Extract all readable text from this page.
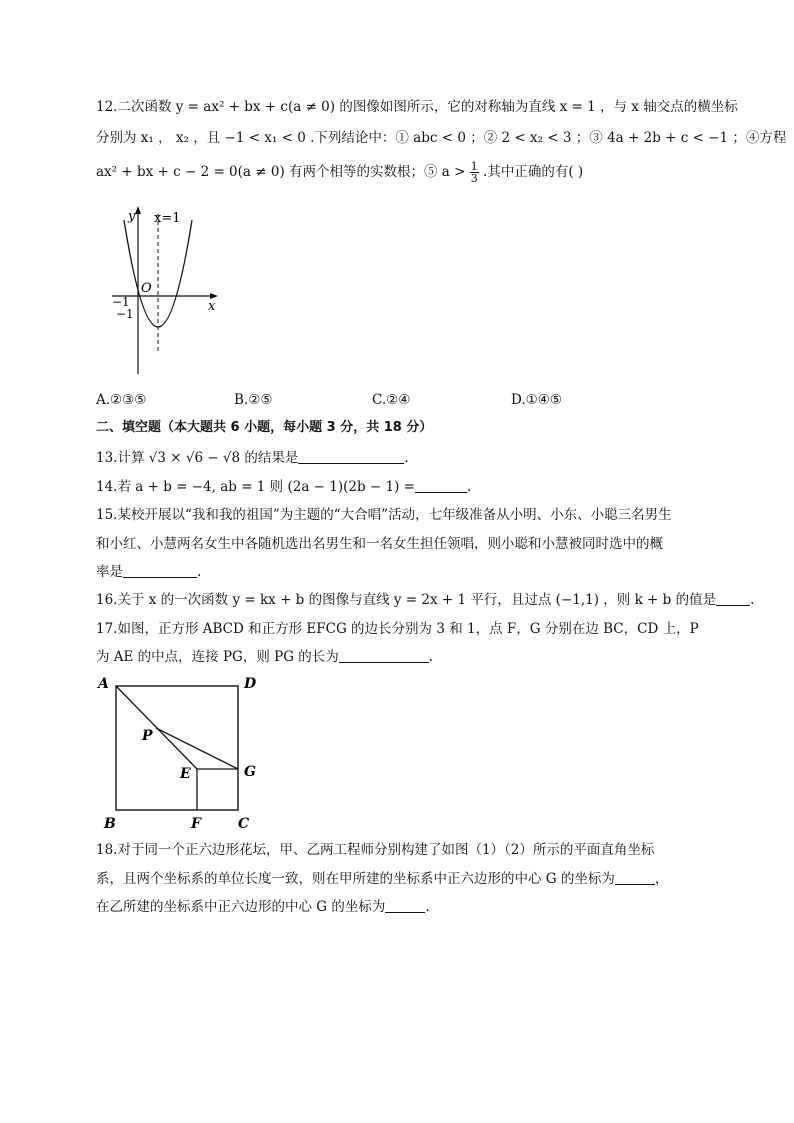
12.二次函数 y = ax² + bx + c(a ≠ 0) 的图像如图所示，它的对称轴为直线 x = 1 ，与 x 轴交点的横坐标
分别为 x₁ ， x₂ ，且 −1 < x₁ < 0 .下列结论中：① abc < 0 ；② 2 < x₂ < 3 ；③ 4a + 2b + c < −1 ；④方程
ax² + bx + c − 2 = 0(a ≠ 0) 有两个相等的实数根；⑤ $a > \frac{1}{3}$ .其中正确的有( )
y x=1
O
x
−1
−1
A.②③⑤	B.②⑤	C.②④	D.①④⑤
二、填空题（本大题共 6 小题，每小题 3 分，共 18 分）
13.计算 √3 × √6 − √8 的结果是	.
14.若 a + b = −4, ab = 1 则 (2a − 1)(2b − 1) =	.
15.某校开展以“我和我的祖国”为主题的“大合唱”活动，七年级准备从小明、小东、小聪三名男生
和小红、小慧两名女生中各随机选出名男生和一名女生担任领唱，则小聪和小慧被同时选中的概
率是	.
16.关于 x 的一次函数 y = kx + b 的图像与直线 y = 2x + 1 平行，且过点 (−1,1) ，则 k + b 的值是	.
17.如图，正方形 ABCD 和正方形 EFCG 的边长分别为 3 和 1，点 F，G 分别在边 BC，CD 上，P
为 AE 的中点，连接 PG，则 PG 的长为	.
A	D
P
E	G
B	F	C
18.对于同一个正六边形花坛，甲、乙两工程师分别构建了如图（1）（2）所示的平面直角坐标
系，且两个坐标系的单位长度一致，则在甲所建的坐标系中正六边形的中心 G 的坐标为	，
在乙所建的坐标系中正六边形的中心 G 的坐标为	.
